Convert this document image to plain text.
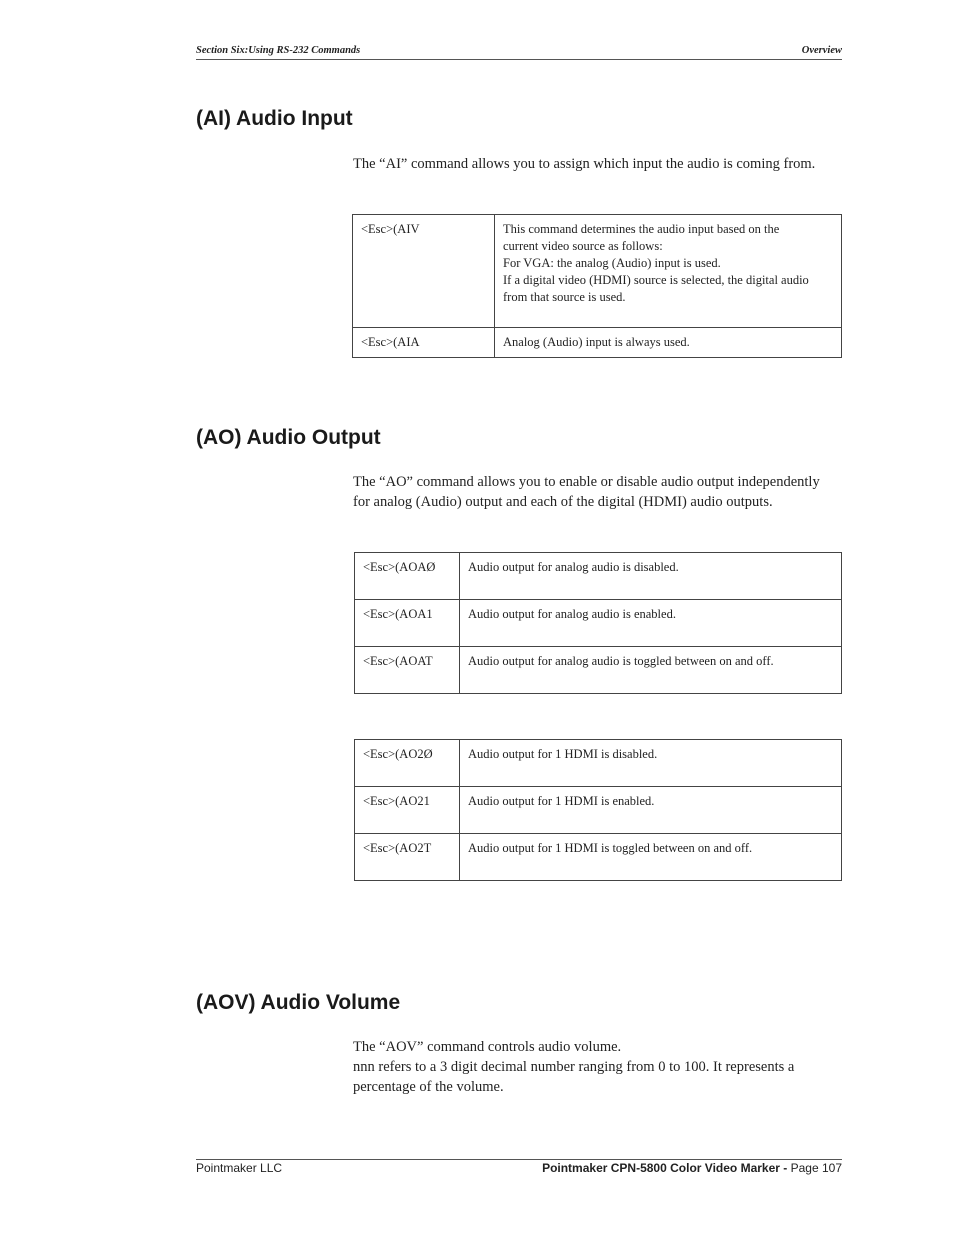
Section Six:Using RS-232 Commands	Overview
(AI) Audio Input

The “AI” command allows you to assign which input the audio is coming from.

<Esc>(AIV	This command determines the audio input based on the
current video source as follows:
For VGA: the analog (Audio) input is used.
If a digital video (HDMI) source is selected, the digital audio
from that source is used.

<Esc>(AIA	Analog (Audio) input is always used.
(AO) Audio Output

The “AO” command allows you to enable or disable audio output independently
for analog (Audio) output and each of the digital (HDMI) audio outputs.

<Esc>(AOAØ	Audio output for analog audio is disabled.
<Esc>(AOA1	Audio output for analog audio is enabled.
<Esc>(AOAT	Audio output for analog audio is toggled between on and off.
<Esc>(AO2Ø	Audio output for 1 HDMI is disabled.
<Esc>(AO21	Audio output for 1 HDMI is enabled.
<Esc>(AO2T	Audio output for 1 HDMI is toggled between on and off.
(AOV) Audio Volume

The “AOV” command controls audio volume.
nnn refers to a 3 digit decimal number ranging from 0 to 100. It represents a
percentage of the volume.

Pointmaker LLC	Pointmaker CPN-5800 Color Video Marker - Page 107
